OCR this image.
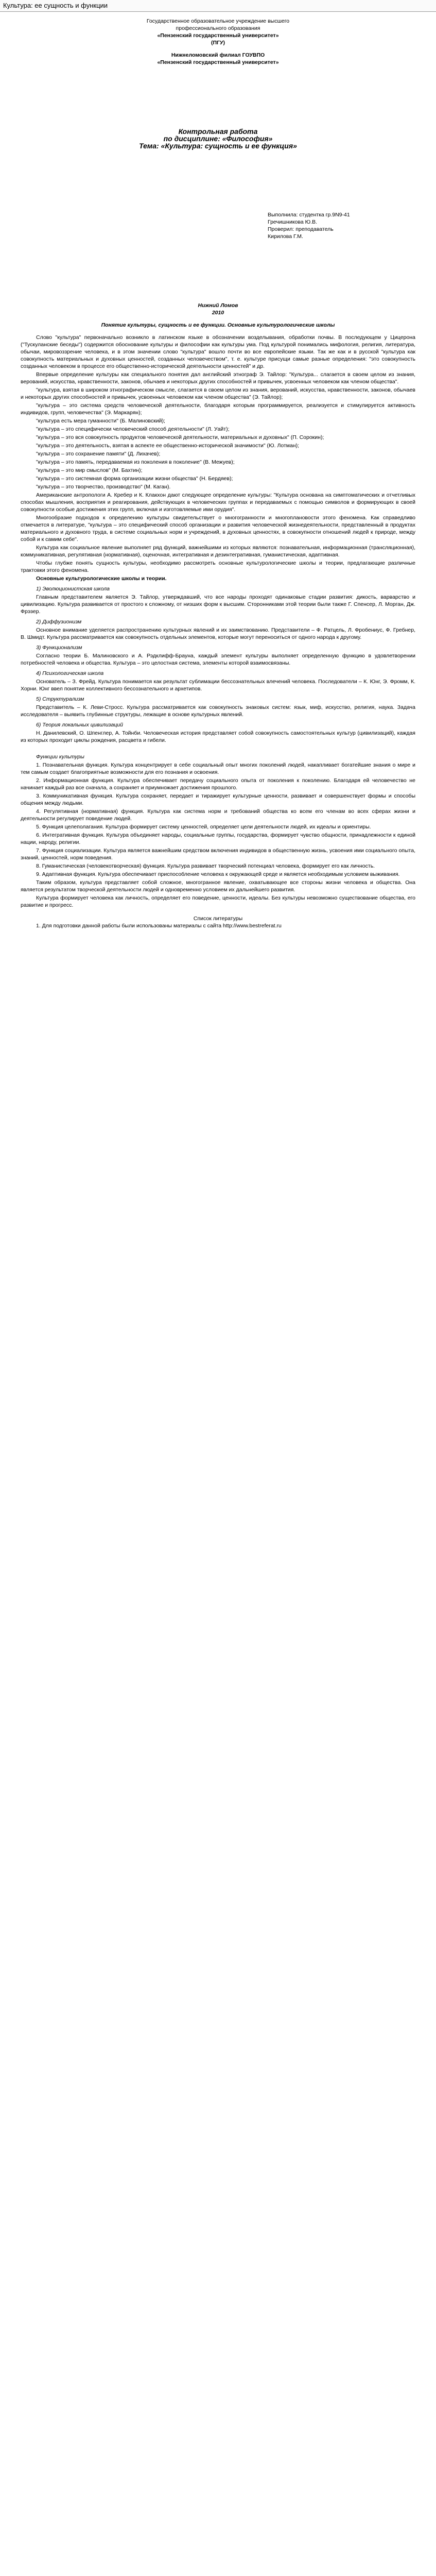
Культура: ее сущность и функции
Государственное образовательное учреждение высшего
профессионального образования
«Пензенский государственный университет»
(ПГУ)
Нижнеломовский филиал ГОУВПО
«Пензенский государственный университет»
Контрольная работа
по дисциплине: «Философия»
Тема: «Культура: сущность и ее функция»
Выполнила: студентка гр.9N9-41
Гречишникова Ю.В.
Проверил: преподаватель
Кирилова Г.М.
Нижний Ломов
2010
Понятие культуры, сущность и ее функции. Основные культурологические школы

Слово "культура" первоначально возникло в латинском языке в обозначении возделывания, обработки почвы. В последующем у Цицерона ("Тускуланские беседы") содержится обоснование культуры и философии как культуры ума. Под культурой понимались мифология, религия, литература, обычаи, мировоззрение человека, и в этом значении слово "культура" вошло почти во все европейские языки. Так же как и в русской "культура как совокупность материальных и духовных ценностей, созданных человечеством", т. е. культуре присущи самые разные определения: "это совокупность созданных человеком в процессе его общественно-исторической деятельности ценностей" и др.

Впервые определение культуры как специального понятия дал английский этнограф Э. Тайлор: "Культура... слагается в своем целом из знания, верований, искусства, нравственности, законов, обычаев и некоторых других способностей и привычек, усвоенных человеком как членом общества".

"культура, взятая в широком этнографическом смысле, слагается в своем целом из знания, верований, искусства, нравственности, законов, обычаев и некоторых других способностей и привычек, усвоенных человеком как членом общества" (Э. Тайлор);

"культура – это система средств человеческой деятельности, благодаря которым программируется, реализуется и стимулируется активность индивидов, групп, человечества" (Э. Маркарян);

"культура есть мера гуманности" (Б. Малиновский);

"культура – это специфически человеческий способ деятельности" (Л. Уайт);

"культура – это вся совокупность продуктов человеческой деятельности, материальных и духовных" (П. Сорокин);

"культура – это деятельность, взятая в аспекте ее общественно-исторической значимости" (Ю. Лотман);

"культура – это сохранение памяти" (Д. Лихачев);

"культура – это память, передаваемая из поколения в поколение" (В. Межуев);

"культура – это мир смыслов" (М. Бахтин);

"культура – это системная форма организации жизни общества" (Н. Бердяев);

"культура – это творчество, производство" (М. Каган).

Американские антропологи А. Кребер и К. Клакхон дают следующее определение культуры: "Культура основана на симптоматических и отчетливых способах мышления, восприятия и реагирования, действующих в человеческих группах и передаваемых с помощью символов и формирующих в своей совокупности особые достижения этих групп, включая и изготовляемые ими орудия".

Многообразие подходов к определению культуры свидетельствует о многогранности и многоплановости этого феномена. Как справедливо отмечается в литературе, "культура – это специфический способ организации и развития человеческой жизнедеятельности, представленный в продуктах материального и духовного труда, в системе социальных норм и учреждений, в духовных ценностях, в совокупности отношений людей к природе, между собой и к самим себе".

Культура как социальное явление выполняет ряд функций, важнейшими из которых являются: познавательная, информационная (трансляционная), коммуникативная, регулятивная (нормативная), оценочная, интегративная и дезинтегративная, гуманистическая, адаптивная.

Чтобы глубже понять сущность культуры, необходимо рассмотреть основные культурологические школы и теории, предлагающие различные трактовки этого феномена.

Основные культурологические школы и теории.

1) Эволюционистская школа

Главным представителем является Э. Тайлор, утверждавший, что все народы проходят одинаковые стадии развития: дикость, варварство и цивилизацию. Культура развивается от простого к сложному, от низших форм к высшим. Сторонниками этой теории были также Г. Спенсер, Л. Морган, Дж. Фрэзер.

2) Диффузионизм

Основное внимание уделяется распространению культурных явлений и их заимствованию. Представители – Ф. Ратцель, Л. Фробениус, Ф. Гребнер, В. Шмидт. Культура рассматривается как совокупность отдельных элементов, которые могут переноситься от одного народа к другому.

3) Функционализм

Согласно теории Б. Малиновского и А. Рэдклифф-Брауна, каждый элемент культуры выполняет определенную функцию в удовлетворении потребностей человека и общества. Культура – это целостная система, элементы которой взаимосвязаны.

4) Психологическая школа

Основатель – З. Фрейд. Культура понимается как результат сублимации бессознательных влечений человека. Последователи – К. Юнг, Э. Фромм, К. Хорни. Юнг ввел понятие коллективного бессознательного и архетипов.

5) Структурализм

Представитель – К. Леви-Стросс. Культура рассматривается как совокупность знаковых систем: язык, миф, искусство, религия, наука. Задача исследователя – выявить глубинные структуры, лежащие в основе культурных явлений.

6) Теория локальных цивилизаций

Н. Данилевский, О. Шпенглер, А. Тойнби. Человеческая история представляет собой совокупность самостоятельных культур (цивилизаций), каждая из которых проходит циклы рождения, расцвета и гибели.

Функции культуры

1. Познавательная функция. Культура концентрирует в себе социальный опыт многих поколений людей, накапливает богатейшие знания о мире и тем самым создает благоприятные возможности для его познания и освоения.

2. Информационная функция. Культура обеспечивает передачу социального опыта от поколения к поколению. Благодаря ей человечество не начинает каждый раз все сначала, а сохраняет и приумножает достижения прошлого.

3. Коммуникативная функция. Культура сохраняет, передает и тиражирует культурные ценности, развивает и совершенствует формы и способы общения между людьми.

4. Регулятивная (нормативная) функция. Культура как система норм и требований общества ко всем его членам во всех сферах жизни и деятельности регулирует поведение людей.

5. Функция целеполагания. Культура формирует систему ценностей, определяет цели деятельности людей, их идеалы и ориентиры.

6. Интегративная функция. Культура объединяет народы, социальные группы, государства, формирует чувство общности, принадлежности к единой нации, народу, религии.

7. Функция социализации. Культура является важнейшим средством включения индивидов в общественную жизнь, усвоения ими социального опыта, знаний, ценностей, норм поведения.

8. Гуманистическая (человекотворческая) функция. Культура развивает творческий потенциал человека, формирует его как личность.

9. Адаптивная функция. Культура обеспечивает приспособление человека к окружающей среде и является необходимым условием выживания.

Таким образом, культура представляет собой сложное, многогранное явление, охватывающее все стороны жизни человека и общества. Она является результатом творческой деятельности людей и одновременно условием их дальнейшего развития.

Культура формирует человека как личность, определяет его поведение, ценности, идеалы. Без культуры невозможно существование общества, его развитие и прогресс.

Список литературы

1. Для подготовки данной работы были использованы материалы с сайта http://www.bestreferat.ru
